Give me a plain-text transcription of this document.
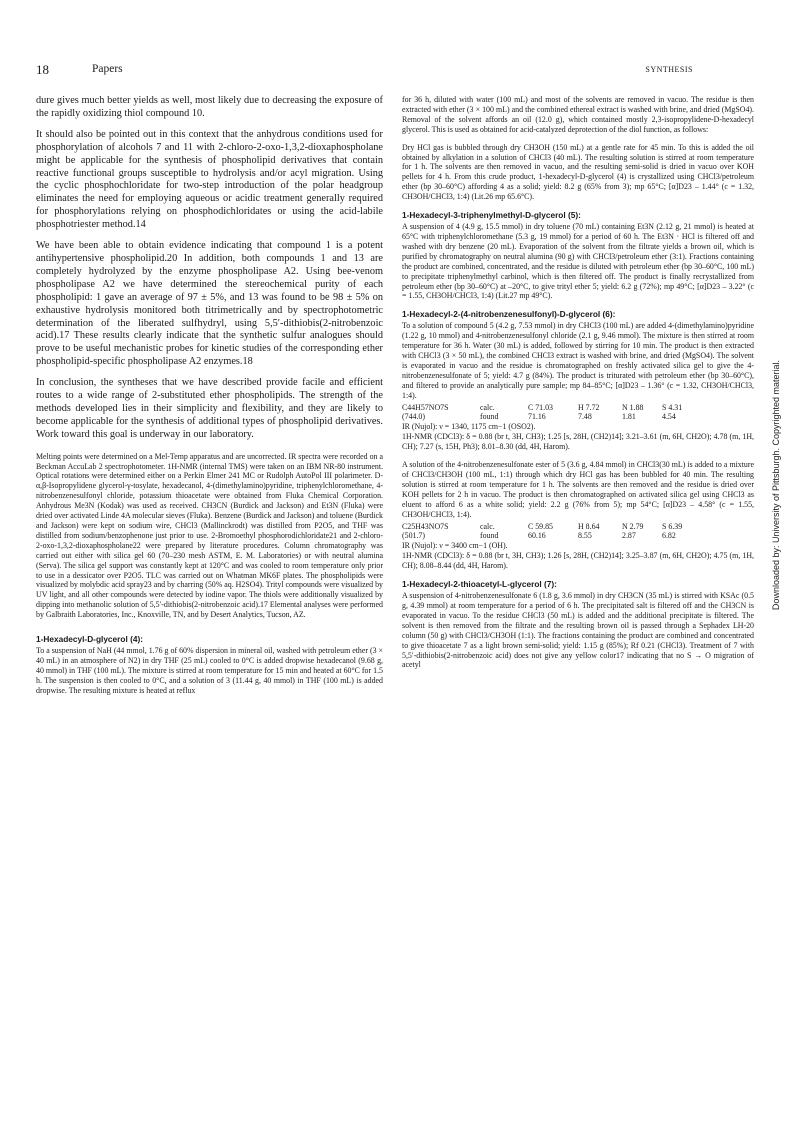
18	Papers	SYNTHESIS

dure gives much better yields as well, most likely due to decreasing the exposure of the rapidly oxidizing thiol compound 10.

It should also be pointed out in this context that the anhydrous conditions used for phosphorylation of alcohols 7 and 11 with 2-chloro-2-oxo-1,3,2-dioxaphospholane might be applicable for the synthesis of phospholipid derivatives that contain reactive functional groups susceptible to hydrolysis and/or acyl migration. Using the cyclic phosphochloridate for two-step introduction of the polar headgroup eliminates the need for employing aqueous or acidic treatment generally required for phosphorylations relying on phosphodichloridates or using the acid-labile phosphotriester method.14

We have been able to obtain evidence indicating that compound 1 is a potent antihypertensive phospholipid.20 In addition, both compounds 1 and 13 are completely hydrolyzed by the enzyme phospholipase A2. Using bee-venom phospholipase A2 we have determined the stereochemical purity of each phospholipid: 1 gave an average of 97 ± 5%, and 13 was found to be 98 ± 5% on exhaustive hydrolysis monitored both titrimetrically and by spectrophotometric determination of the liberated sulfhydryl, using 5,5′-dithiobis(2-nitrobenzoic acid).17 These results clearly indicate that the synthetic sulfur analogues should prove to be useful mechanistic probes for kinetic studies of the corresponding ether phospholipid-specific phospholipase A2 enzymes.18

In conclusion, the syntheses that we have described provide facile and efficient routes to a wide range of 2-substituted ether phospholipids. The strength of the methods developed lies in their simplicity and flexibility, and they are likely to become applicable for the synthesis of additional types of phospholipid derivatives. Work toward this goal is underway in our laboratory.

Melting points were determined on a Mel-Temp apparatus and are uncorrected. IR spectra were recorded on a Beckman AccuLab 2 spectrophotometer. 1H-NMR (internal TMS) were taken on an IBM NR-80 instrument. Optical rotations were determined either on a Perkin Elmer 241 MC or Rudolph AutoPol III polarimeter. D-α,β-Isopropylidene glycerol-γ-tosylate, hexadecanol, 4-(dimethylamino)pyridine, triphenylchloromethane, 4-nitrobenzenesulfonyl chloride, potassium thioacetate were obtained from Fluka Chemical Corporation. Anhydrous Me3N (Kodak) was used as received. CH3CN (Burdick and Jackson) and Et3N (Fluka) were dried over activated Linde 4A molecular sieves (Fluka). Benzene (Burdick and Jackson) and toluene (Burdick and Jackson) were kept on sodium wire, CHCl3 (Mallinckrodt) was distilled from P2O5, and THF was distilled from sodium/benzophenone just prior to use. 2-Bromoethyl phosphorodichloridate21 and 2-chloro-2-oxo-1,3,2-dioxaphospholane22 were prepared by literature procedures. Column chromatography was carried out either with silica gel 60 (70–230 mesh ASTM, E. M. Laboratories) or with neutral alumina (Serva). The silica gel support was constantly kept at 120°C and was cooled to room temperature only prior to use in a dessicator over P2O5. TLC was carried out on Whatman MK6F plates. The phospholipids were visualized by molybdic acid spray23 and by charring (50% aq. H2SO4). Trityl compounds were visualized by UV light, and all other compounds were detected by iodine vapor. The thiols were additionally visualized by dipping into methanolic solution of 5,5′-dithiobis(2-nitrobenzoic acid).17 Elemental analyses were performed by Galbraith Laboratories, Inc., Knoxville, TN, and by Desert Analytics, Tucson, AZ.

1-Hexadecyl-D-glycerol (4):

To a suspension of NaH (44 mmol, 1.76 g of 60% dispersion in mineral oil, washed with petroleum ether (3 × 40 mL) in an atmosphere of N2) in dry THF (25 mL) cooled to 0°C is added dropwise hexadecanol (9.68 g, 40 mmol) in THF (100 mL). The mixture is stirred at room temperature for 15 min and heated at 60°C for 1.5 h. The suspension is then cooled to 0°C, and a solution of 3 (11.44 g, 40 mmol) in THF (100 mL) is added dropwise. The resulting mixture is heated at reflux

for 36 h, diluted with water (100 mL) and most of the solvents are removed in vacuo. The residue is then extracted with ether (3 × 100 mL) and the combined ethereal extract is washed with brine, and dried (MgSO4). Removal of the solvent affords an oil (12.0 g), which contained mostly 2,3-isopropylidene-D-hexadecyl glycerol. This is used as obtained for acid-catalyzed deprotection of the diol function, as follows:

Dry HCl gas is bubbled through dry CH3OH (150 mL) at a gentle rate for 45 min. To this is added the oil obtained by alkylation in a solution of CHCl3 (40 mL). The resulting solution is stirred at room temperature for 1 h. The solvents are then removed in vacuo, and the resulting semi-solid is dried in vacuo over KOH pellets for 4 h. From this crude product, 1-hexadecyl-D-glycerol (4) is crystallized using CHCl3/petroleum ether (bp 30–60°C) affording 4 as a solid; yield: 8.2 g (65% from 3); mp 65°C; [α]D23 – 1.44° (c = 1.32, CH3OH/CHCl3, 1:4) (Lit.26 mp 65.6°C).

1-Hexadecyl-3-triphenylmethyl-D-glycerol (5):

A suspension of 4 (4.9 g, 15.5 mmol) in dry toluene (70 mL) containing Et3N (2.12 g, 21 mmol) is heated at 65°C with triphenylchloromethane (5.3 g, 19 mmol) for a period of 60 h. The Et3N · HCl is filtered off and washed with dry benzene (20 mL). Evaporation of the solvent from the filtrate yields a brown oil, which is purified by chromatography on neutral alumina (90 g) with CHCl3/petroleum ether (3:1). Fractions containing the product are combined, concentrated, and the residue is diluted with petroleum ether (bp 30–60°C, 100 mL) to precipitate triphenylmethyl carbinol, which is then filtered off. The product is finally recrystallized from petroleum ether (bp 30–60°C) at –20°C, to give trityl ether 5; yield: 6.2 g (72%); mp 49°C; [α]D23 – 3.22° (c = 1.55, CH3OH/CHCl3, 1:4) (Lit.27 mp 49°C).

1-Hexadecyl-2-(4-nitrobenzenesulfonyl)-D-glycerol (6):

To a solution of compound 5 (4.2 g, 7.53 mmol) in dry CHCl3 (100 mL) are added 4-(dimethylamino)pyridine (1.22 g, 10 mmol) and 4-nitrobenzenesulfonyl chloride (2.1 g, 9.46 mmol). The mixture is then stirred at room temperature for 36 h. Water (30 mL) is added, followed by stirring for 10 min. The product is then extracted with CHCl3 (3 × 50 mL), the combined CHCl3 extract is washed with brine, and dried (MgSO4). The solvent is evaporated in vacuo and the residue is chromatographed on freshly activated silica gel to give the 4-nitrobenzenesulfonate of 5; yield: 4.7 g (84%). The product is triturated with petroleum ether (bp 30–60°C), and filtered to provide an analytically pure sample; mp 84–85°C; [α]D23 – 1.36° (c = 1.32, CH3OH/CHCl3, 1:4).

C44H57NO7S	calc.	C 71.03	H 7.72	N 1.88 S 4.31

(744.0)	found	71.16	7.48	1.81	4.54

IR (Nujol): ν = 1340, 1175 cm−1 (OSO2).

1H-NMR (CDCl3): δ = 0.88 (br t, 3H, CH3); 1.25 [s, 28H, (CH2)14]; 3.21–3.61 (m, 6H, CH2O); 4.78 (m, 1H, CH); 7.27 (s, 15H, Ph3); 8.01–8.30 (dd, 4H, Harom).

A solution of the 4-nitrobenzenesulfonate ester of 5 (3.6 g, 4.84 mmol) in CHCl3(30 mL) is added to a mixture of CHCl3/CH3OH (100 mL, 1:1) through which dry HCl gas has been bubbled for 40 min. The resulting solution is stirred at room temperature for 1 h. The solvents are then removed and the residue is dried over KOH pellets for 2 h in vacuo. The product is then chromatographed on activated silica gel using CHCl3 as eluent to afford 6 as a white solid; yield: 2.2 g (76% from 5); mp 54°C; [α]D23 – 4.58° (c = 1.55, CH3OH/CHCl3, 1:4).

C25H43NO7S	calc.	C 59.85	H 8.64	N 2.79 S 6.39

(501.7)	found	60.16	8.55	2.87	6.82

IR (Nujol): ν = 3400 cm−1 (OH).

1H-NMR (CDCl3): δ = 0.88 (br t, 3H, CH3); 1.26 [s, 28H, (CH2)14]; 3.25–3.87 (m, 6H, CH2O); 4.75 (m, 1H, CH); 8.08–8.44 (dd, 4H, Harom).

1-Hexadecyl-2-thioacetyl-L-glycerol (7):

A suspension of 4-nitrobenzenesulfonate 6 (1.8 g, 3.6 mmol) in dry CH3CN (35 mL) is stirred with KSAc (0.5 g, 4.39 mmol) at room temperature for a period of 6 h. The precipitated salt is filtered off and the CH3CN is evaporated in vacuo. To the residue CHCl3 (50 mL) is added and the additional precipitate is filtered. The solvent is then removed from the filtrate and the resulting brown oil is passed through a Sephadex LH-20 column (50 g) with CHCl3/CH3OH (1:1). The fractions containing the product are combined and concentrated to give thioacetate 7 as a light brown semi-solid; yield: 1.15 g (85%); Rf 0.21 (CHCl3). Treatment of 7 with 5,5′-dithiobis(2-nitrobenzoic acid) does not give any yellow color17 indicating that no S → O migration of acetyl

Downloaded by: University of Pittsburgh. Copyrighted material.
